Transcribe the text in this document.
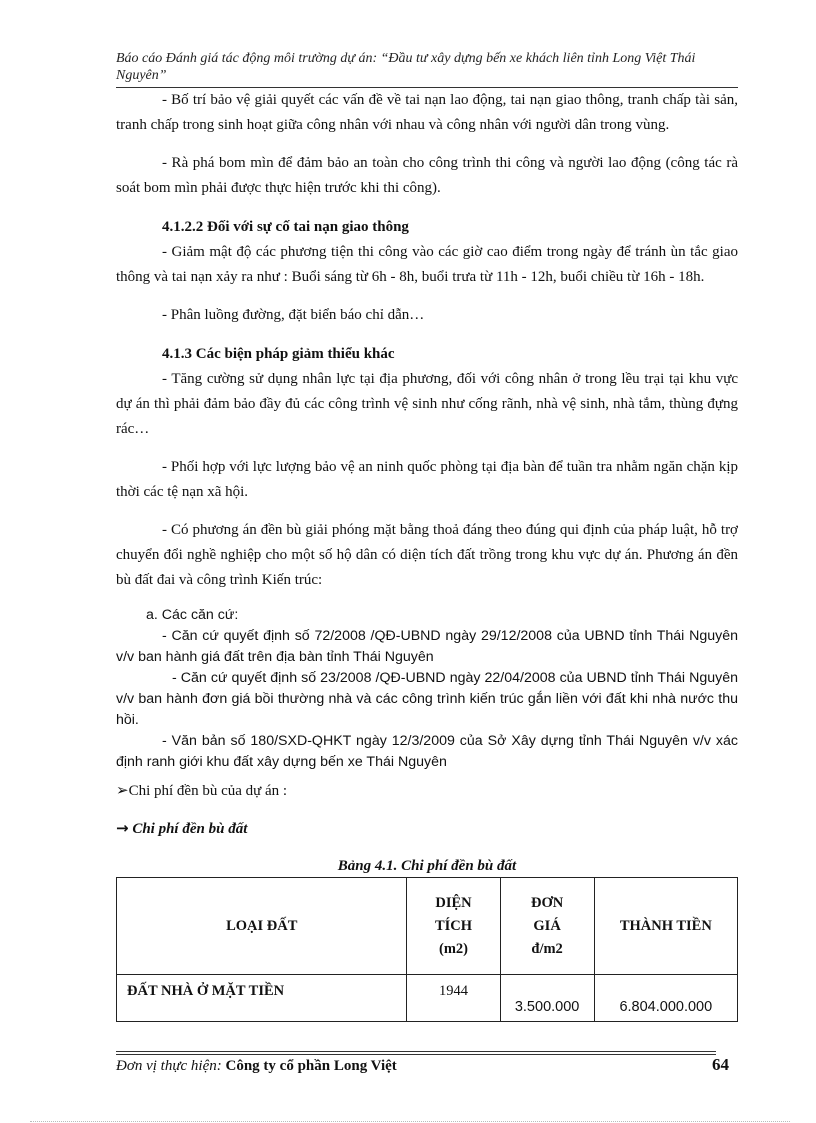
Báo cáo Đánh giá tác động môi trường dự án: “Đầu tư xây dựng bến xe khách liên tỉnh Long Việt Thái Nguyên”

- Bố trí bảo vệ giải quyết các vấn đề về tai nạn lao động, tai nạn giao thông, tranh chấp tài sản, tranh chấp trong sinh hoạt giữa công nhân với nhau và công nhân với người dân trong vùng.

- Rà phá bom mìn để đảm bảo an toàn cho công trình thi công và người lao động (công tác rà soát bom mìn phải được thực hiện trước khi thi công).

4.1.2.2 Đối với sự cố tai nạn giao thông

- Giảm mật độ các phương tiện thi công vào các giờ cao điểm trong ngày để tránh ùn tắc giao thông và tai nạn xảy ra như : Buổi sáng từ 6h - 8h, buổi trưa từ 11h - 12h, buổi chiều từ 16h - 18h.

- Phân luồng đường, đặt biển báo chỉ dẫn…

4.1.3 Các biện pháp giảm thiểu khác

- Tăng cường sử dụng nhân lực tại địa phương, đối với công nhân ở trong lều trại tại khu vực dự án thì phải đảm bảo đầy đủ các công trình vệ sinh như cống rãnh, nhà vệ sinh, nhà tắm, thùng đựng rác…

- Phối hợp với lực lượng bảo vệ an ninh quốc phòng tại địa bàn để tuần tra nhằm ngăn chặn kịp thời các tệ nạn xã hội.

- Có phương án đền bù giải phóng mặt bằng thoả đáng theo đúng qui định của pháp luật, hỗ trợ chuyển đổi nghề nghiệp cho một số hộ dân có diện tích đất trồng trong khu vực dự án. Phương án đền bù đất đai và công trình Kiến trúc:

a. Các căn cứ:

- Căn cứ quyết định số 72/2008 /QĐ-UBND ngày 29/12/2008 của UBND tỉnh Thái Nguyên v/v ban hành giá đất trên địa bàn tỉnh Thái Nguyên

- Căn cứ quyết định số 23/2008 /QĐ-UBND ngày 22/04/2008 của UBND tỉnh Thái Nguyên v/v ban hành đơn giá bồi thường nhà và các công trình kiến trúc gắn liền với đất khi nhà nước thu hồi.

- Văn bản số 180/SXD-QHKT ngày 12/3/2009 của Sở Xây dựng tỉnh Thái Nguyên v/v xác định ranh giới khu đất xây dựng bến xe Thái Nguyên

➢Chi phí đền bù của dự án :

→ Chi phí đền bù đất

Bảng 4.1. Chi phí đền bù đất

LOẠI ĐẤT	DIỆN
TÍCH
(m2)	ĐƠN
GIÁ
đ/m2	THÀNH TIỀN
ĐẤT NHÀ Ở MẶT TIỀN	1944	3.500.000	6.804.000.000
Đơn vị thực hiện: Công ty cổ phần Long Việt	64
